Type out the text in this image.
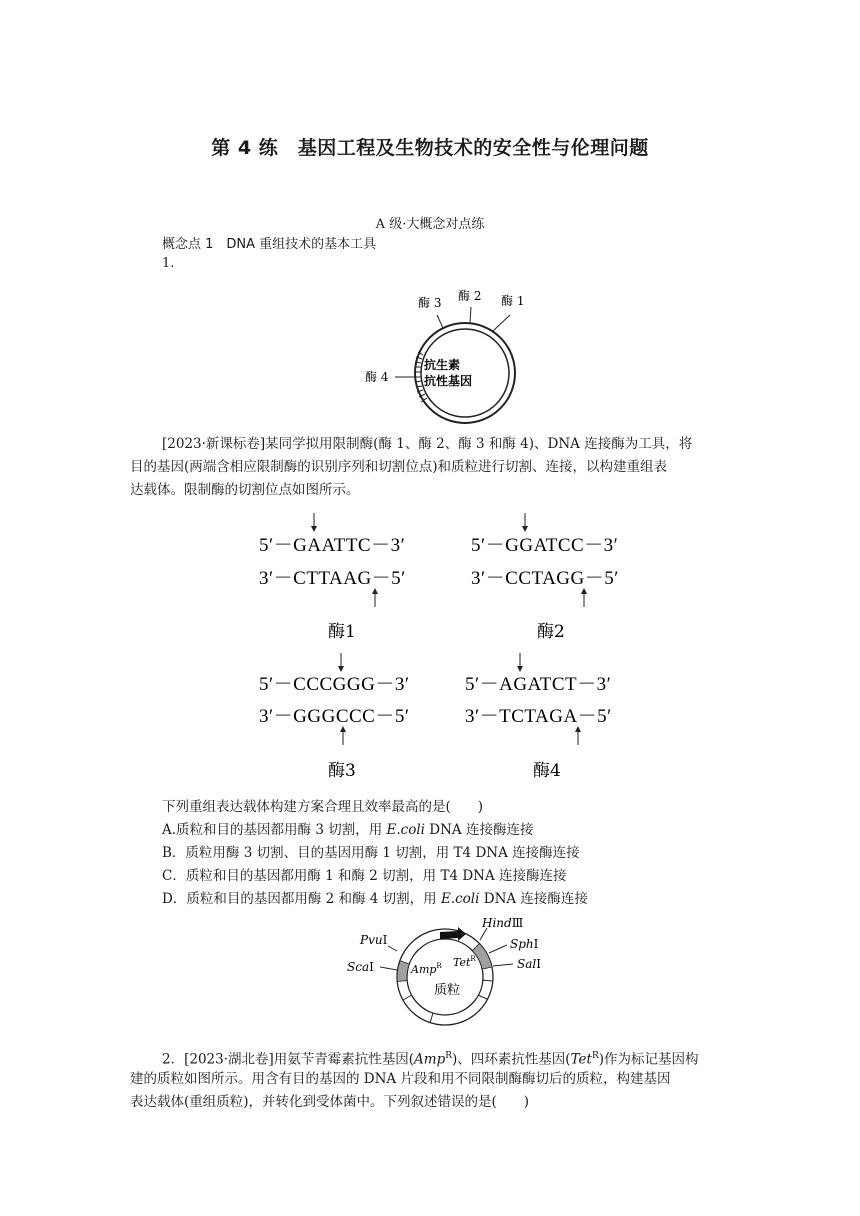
第 4 练　基因工程及生物技术的安全性与伦理问题
A 级·大概念对点练
概念点 1　DNA 重组技术的基本工具
1.
酶 3 酶 2 酶 1
酶 4
抗生素
抗性基因
[2023·新课标卷]某同学拟用限制酶(酶 1、酶 2、酶 3 和酶 4)、DNA 连接酶为工具，将
目的基因(两端含相应限制酶的识别序列和切割位点)和质粒进行切割、连接，以构建重组表
达载体。限制酶的切割位点如图所示。
5′－GAATTC－3′
3′－CTTAAG－5′
酶1
5′－GGATCC－3′
3′－CCTAGG－5′
酶2
5′－CCCGGG－3′
3′－GGGCCC－5′
酶3
5′－AGATCT－3′
3′－TCTAGA－5′
酶4
下列重组表达载体构建方案合理且效率最高的是(　　)
A.质粒和目的基因都用酶 3 切割，用 E.coli DNA 连接酶连接
B．质粒用酶 3 切割、目的基因用酶 1 切割，用 T4 DNA 连接酶连接
C．质粒和目的基因都用酶 1 和酶 2 切割，用 T4 DNA 连接酶连接
D．质粒和目的基因都用酶 2 和酶 4 切割，用 E.coli DNA 连接酶连接
PvuⅠ
ScaⅠ
HindⅢ
SphⅠ
SalⅠ
Amp$^R$ Tet$^R$
质粒
2．[2023·湖北卷]用氨苄青霉素抗性基因(Amp$^R$)、四环素抗性基因(Tet$^R$)作为标记基因构
建的质粒如图所示。用含有目的基因的 DNA 片段和用不同限制酶酶切后的质粒，构建基因
表达载体(重组质粒)，并转化到受体菌中。下列叙述错误的是(　　)
